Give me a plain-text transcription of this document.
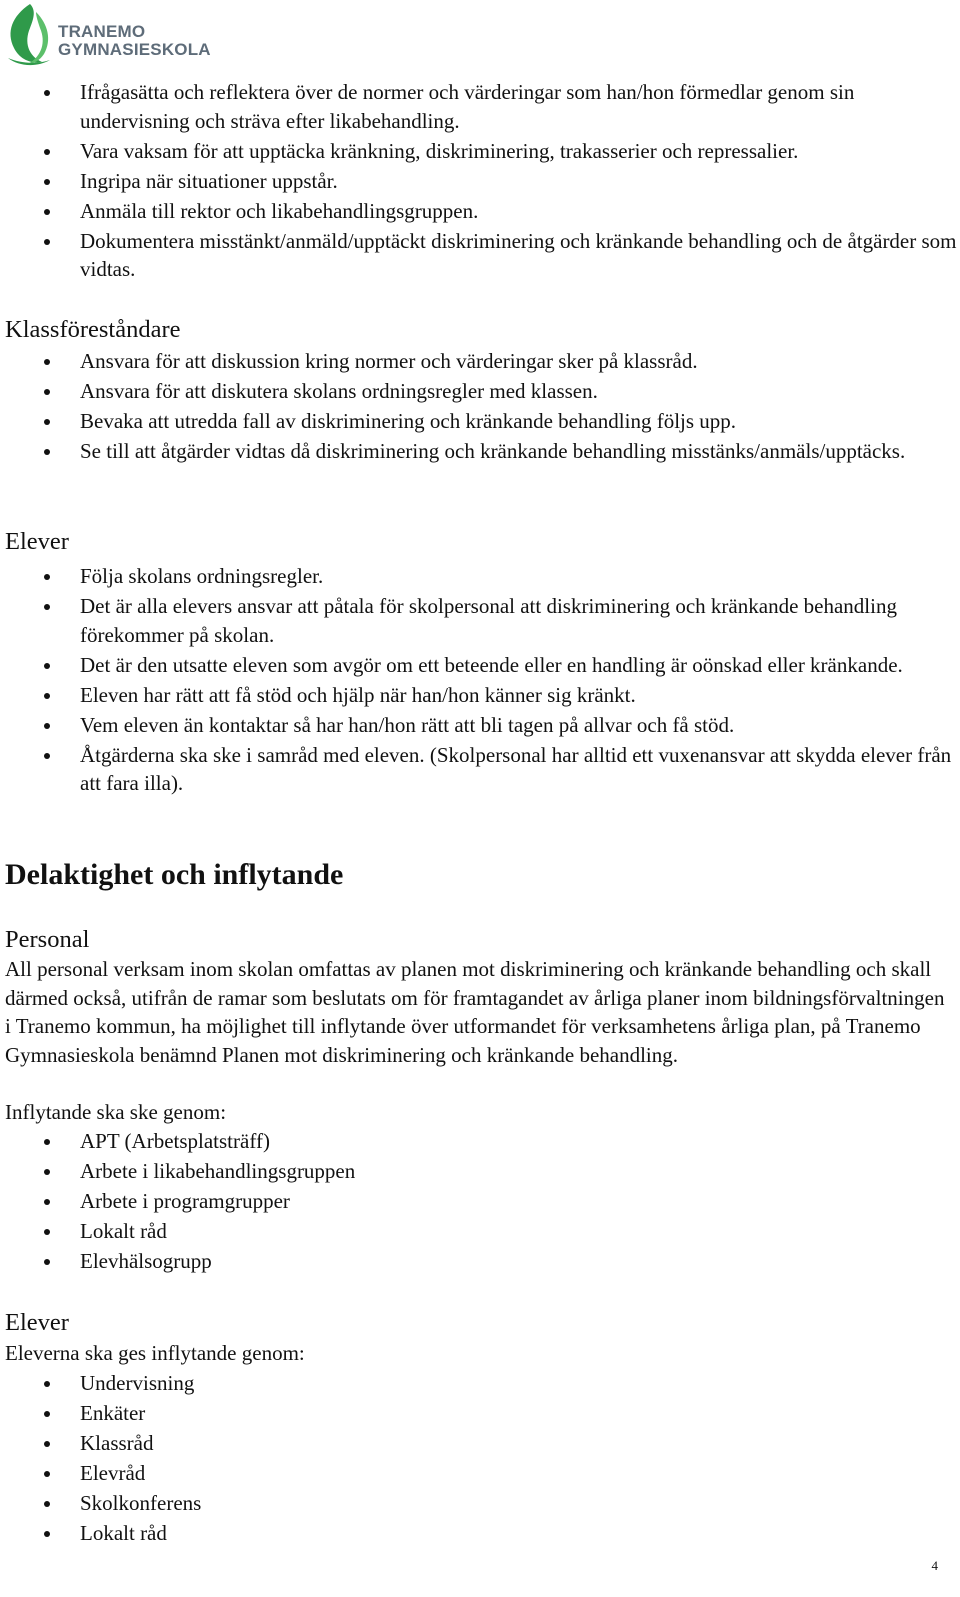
TRANEMO
GYMNASIESKOLA
Ifrågasätta och reflektera över de normer och värderingar som han/hon förmedlar genom sin undervisning och sträva efter likabehandling.
Vara vaksam för att upptäcka kränkning, diskriminering, trakasserier och repressalier.
Ingripa när situationer uppstår.
Anmäla till rektor och likabehandlingsgruppen.
Dokumentera misstänkt/anmäld/upptäckt diskriminering och kränkande behandling och de åtgärder som vidtas.
Klassföreståndare
Ansvara för att diskussion kring normer och värderingar sker på klassråd.
Ansvara för att diskutera skolans ordningsregler med klassen.
Bevaka att utredda fall av diskriminering och kränkande behandling följs upp.
Se till att åtgärder vidtas då diskriminering och kränkande behandling misstänks/anmäls/upptäcks.
Elever
Följa skolans ordningsregler.
Det är alla elevers ansvar att påtala för skolpersonal att diskriminering och kränkande behandling förekommer på skolan.
Det är den utsatte eleven som avgör om ett beteende eller en handling är oönskad eller kränkande.
Eleven har rätt att få stöd och hjälp när han/hon känner sig kränkt.
Vem eleven än kontaktar så har han/hon rätt att bli tagen på allvar och få stöd.
Åtgärderna ska ske i samråd med eleven. (Skolpersonal har alltid ett vuxenansvar att skydda elever från att fara illa).
Delaktighet och inflytande
Personal

All personal verksam inom skolan omfattas av planen mot diskriminering och kränkande behandling och skall därmed också, utifrån de ramar som beslutats om för framtagandet av årliga planer inom bildningsförvaltningen i Tranemo kommun, ha möjlighet till inflytande över utformandet för verksamhetens årliga plan, på Tranemo Gymnasieskola benämnd Planen mot diskriminering och kränkande behandling.

Inflytande ska ske genom:

APT (Arbetsplatsträff)
Arbete i likabehandlingsgruppen
Arbete i programgrupper
Lokalt råd
Elevhälsogrupp
Elever

Eleverna ska ges inflytande genom:

Undervisning
Enkäter
Klassråd
Elevråd
Skolkonferens
Lokalt råd
4
